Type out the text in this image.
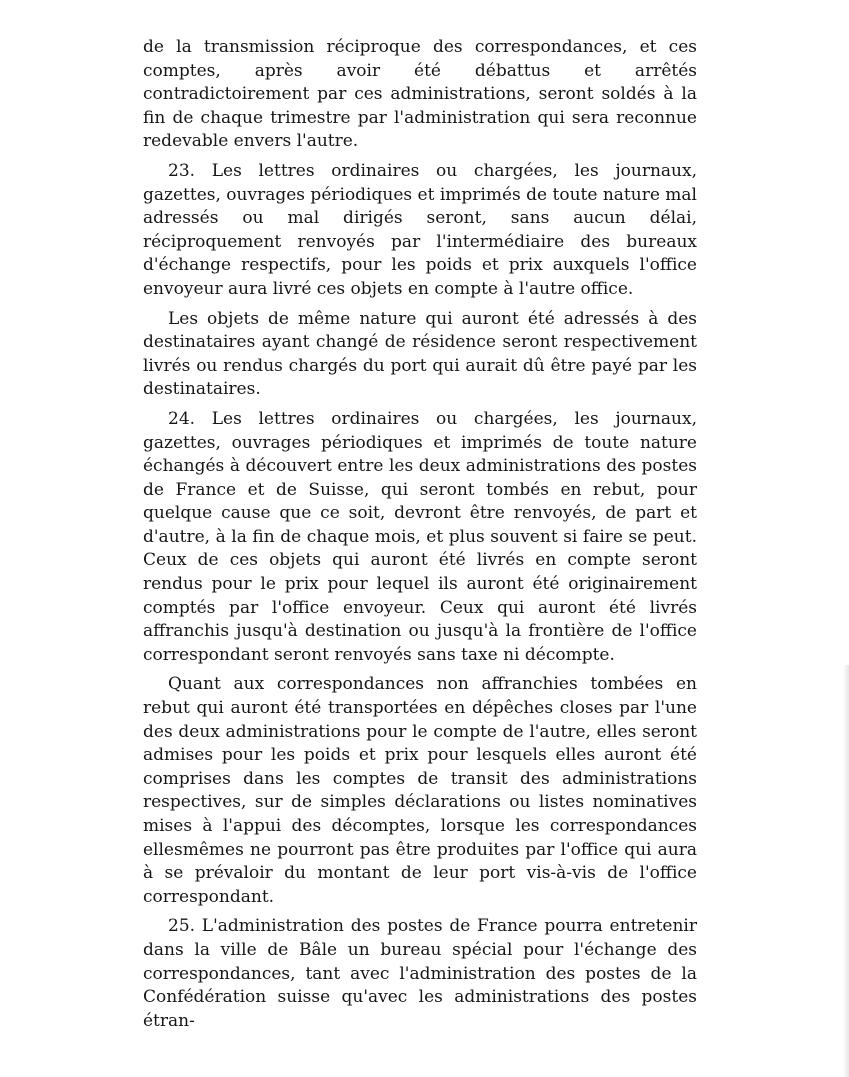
de la transmission réciproque des correspondances, et ces comptes, après avoir été débattus et arrêtés contradictoirement par ces administrations, seront soldés à la fin de chaque trimestre par l'administration qui sera reconnue redevable envers l'autre.

23. Les lettres ordinaires ou chargées, les journaux, gazettes, ouvrages périodiques et imprimés de toute nature mal adressés ou mal dirigés seront, sans aucun délai, réciproquement renvoyés par l'intermédiaire des bureaux d'échange respectifs, pour les poids et prix auxquels l'office envoyeur aura livré ces objets en compte à l'autre office.

Les objets de même nature qui auront été adressés à des destinataires ayant changé de résidence seront respectivement livrés ou rendus chargés du port qui aurait dû être payé par les destinataires.

24. Les lettres ordinaires ou chargées, les journaux, gazettes, ouvrages périodiques et imprimés de toute nature échangés à découvert entre les deux administrations des postes de France et de Suisse, qui seront tombés en rebut, pour quelque cause que ce soit, devront être renvoyés, de part et d'autre, à la fin de chaque mois, et plus souvent si faire se peut. Ceux de ces objets qui auront été livrés en compte seront rendus pour le prix pour lequel ils auront été originairement comptés par l'office envoyeur. Ceux qui auront été livrés affranchis jusqu'à destination ou jusqu'à la frontière de l'office correspondant seront renvoyés sans taxe ni décompte.

Quant aux correspondances non affranchies tombées en rebut qui auront été transportées en dépêches closes par l'une des deux administrations pour le compte de l'autre, elles seront admises pour les poids et prix pour lesquels elles auront été comprises dans les comptes de transit des administrations respectives, sur de simples déclarations ou listes nominatives mises à l'appui des décomptes, lorsque les correspondances ellesmêmes ne pourront pas être produites par l'office qui aura à se prévaloir du montant de leur port vis-à-vis de l'office correspondant.

25. L'administration des postes de France pourra entretenir dans la ville de Bâle un bureau spécial pour l'échange des correspondances, tant avec l'administration des postes de la Confédération suisse qu'avec les administrations des postes étran-
